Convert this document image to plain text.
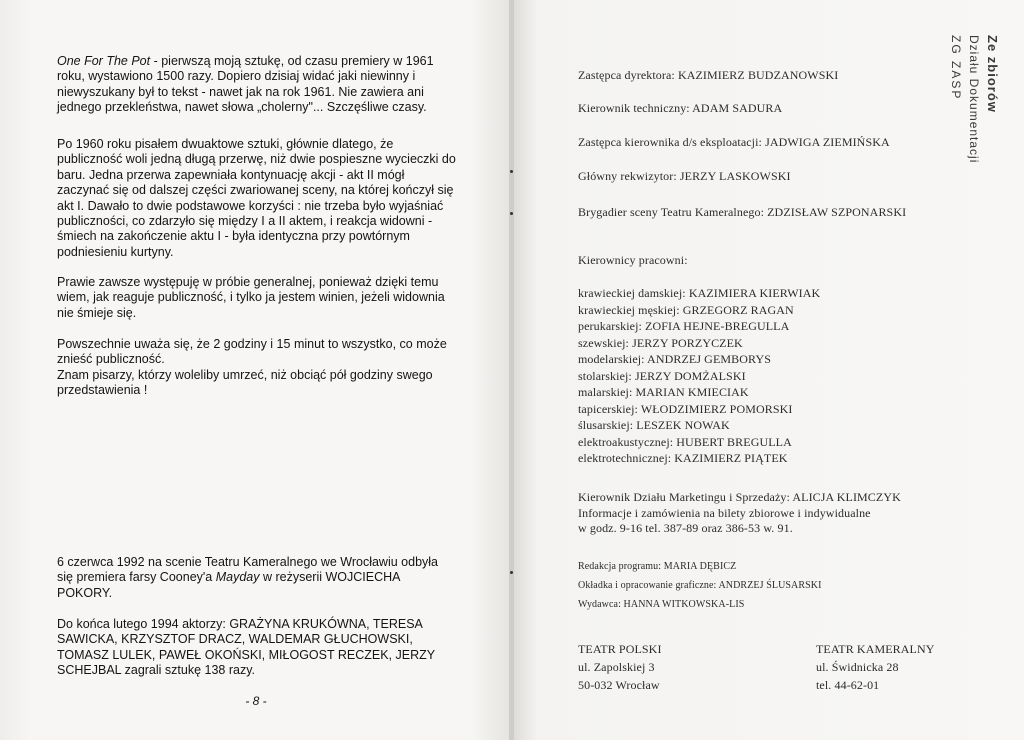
One For The Pot - pierwszą moją sztukę, od czasu premiery w 1961 roku, wystawiono 1500 razy. Dopiero dzisiaj widać jaki niewinny i niewyszukany był to tekst - nawet jak na rok 1961. Nie zawiera ani jednego przekleństwa, nawet słowa „cholerny"... Szczęśliwe czasy.

Po 1960 roku pisałem dwuaktowe sztuki, głównie dlatego, że publiczność woli jedną długą przerwę, niż dwie pospieszne wycieczki do baru. Jedna przerwa zapewniała kontynuację akcji - akt II mógł zaczynać się od dalszej części zwariowanej sceny, na której kończył się akt I. Dawało to dwie podstawowe korzyści : nie trzeba było wyjaśniać publiczności, co zdarzyło się między I a II aktem, i reakcja widowni - śmiech na zakończenie aktu I - była identyczna przy powtórnym podniesieniu kurtyny.

Prawie zawsze występuję w próbie generalnej, ponieważ dzięki temu wiem, jak reaguje publiczność, i tylko ja jestem winien, jeżeli widownia nie śmieje się.

Powszechnie uważa się, że 2 godziny i 15 minut to wszystko, co może znieść publiczność.
Znam pisarzy, którzy woleliby umrzeć, niż obciąć pół godziny swego przedstawienia !

6 czerwca 1992 na scenie Teatru Kameralnego we Wrocławiu odbyła się premiera farsy Cooney'a Mayday w reżyserii WOJCIECHA POKORY.

Do końca lutego 1994 aktorzy: GRAŻYNA KRUKÓWNA, TERESA SAWICKA, KRZYSZTOF DRACZ, WALDEMAR GŁUCHOWSKI, TOMASZ LULEK, PAWEŁ OKOŃSKI, MIŁOGOST RECZEK, JERZY SCHEJBAL zagrali sztukę 138 razy.

- 8 -
Zastępca dyrektora: KAZIMIERZ BUDZANOWSKI
Kierownik techniczny: ADAM SADURA
Zastępca kierownika d/s eksploatacji: JADWIGA ZIEMIŃSKA
Główny rekwizytor: JERZY LASKOWSKI
Brygadier sceny Teatru Kameralnego: ZDZISŁAW SZPONARSKI
Kierownicy pracowni:
krawieckiej damskiej: KAZIMIERA KIERWIAK
krawieckiej męskiej: GRZEGORZ RAGAN
perukarskiej: ZOFIA HEJNE-BREGULLA
szewskiej: JERZY PORZYCZEK
modelarskiej: ANDRZEJ GEMBORYS
stolarskiej: JERZY DOMŻALSKI
malarskiej: MARIAN KMIECIAK
tapicerskiej: WŁODZIMIERZ POMORSKI
ślusarskiej: LESZEK NOWAK
elektroakustycznej: HUBERT BREGULLA
elektrotechnicznej: KAZIMIERZ PIĄTEK
Kierownik Działu Marketingu i Sprzedaży: ALICJA KLIMCZYK
Informacje i zamówienia na bilety zbiorowe i indywidualne
w godz. 9-16 tel. 387-89 oraz 386-53 w. 91.
Redakcja programu: MARIA DĘBICZ
Okładka i opracowanie graficzne: ANDRZEJ ŚLUSARSKI
Wydawca: HANNA WITKOWSKA-LIS
TEATR POLSKI
ul. Zapolskiej 3
50-032 Wrocław
TEATR KAMERALNY
ul. Świdnicka 28
tel. 44-62-01
Ze zbiorów
Działu Dokumentacji
ZG ZASP
